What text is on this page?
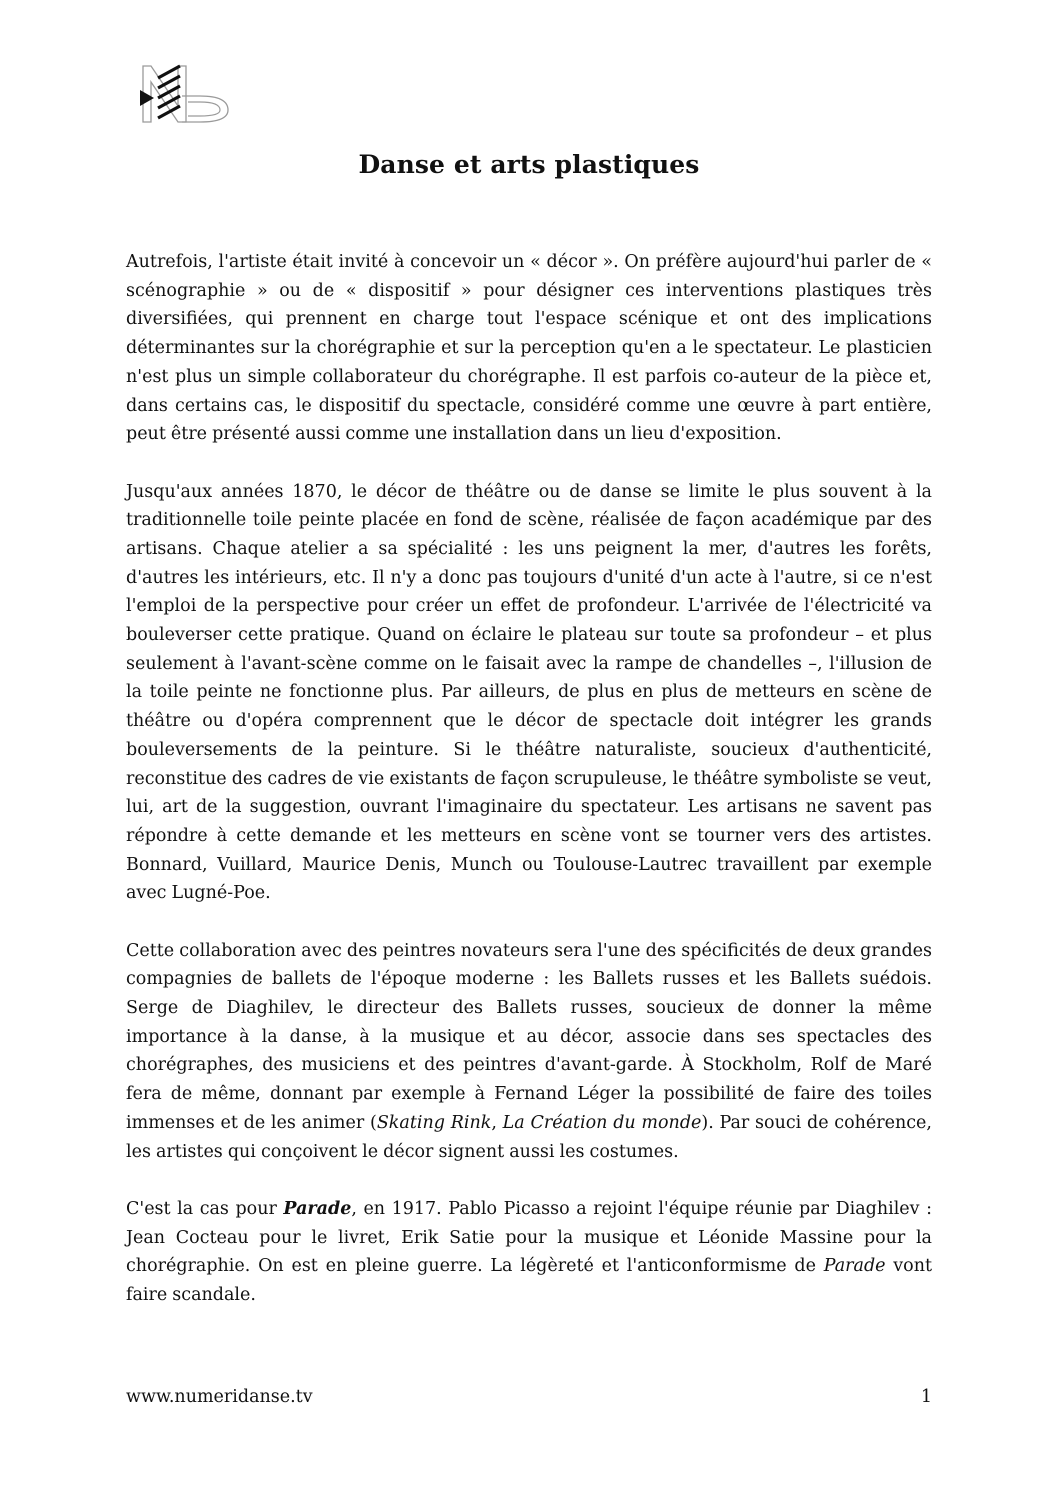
Danse et arts plastiques

Autrefois, l'artiste était invité à concevoir un « décor ». On préfère aujourd'hui parler de « scénographie » ou de « dispositif » pour désigner ces interventions plastiques très diversifiées, qui prennent en charge tout l'espace scénique et ont des implications déterminantes sur la chorégraphie et sur la perception qu'en a le spectateur. Le plasticien n'est plus un simple collaborateur du chorégraphe. Il est parfois co-auteur de la pièce et, dans certains cas, le dispositif du spectacle, considéré comme une œuvre à part entière, peut être présenté aussi comme une installation dans un lieu d'exposition.

Jusqu'aux années 1870, le décor de théâtre ou de danse se limite le plus souvent à la traditionnelle toile peinte placée en fond de scène, réalisée de façon académique par des artisans. Chaque atelier a sa spécialité : les uns peignent la mer, d'autres les forêts, d'autres les intérieurs, etc. Il n'y a donc pas toujours d'unité d'un acte à l'autre, si ce n'est l'emploi de la perspective pour créer un effet de profondeur. L'arrivée de l'électricité va bouleverser cette pratique. Quand on éclaire le plateau sur toute sa profondeur – et plus seulement à l'avant-scène comme on le faisait avec la rampe de chandelles –, l'illusion de la toile peinte ne fonctionne plus. Par ailleurs, de plus en plus de metteurs en scène de théâtre ou d'opéra comprennent que le décor de spectacle doit intégrer les grands bouleversements de la peinture. Si le théâtre naturaliste, soucieux d'authenticité, reconstitue des cadres de vie existants de façon scrupuleuse, le théâtre symboliste se veut, lui, art de la suggestion, ouvrant l'imaginaire du spectateur. Les artisans ne savent pas répondre à cette demande et les metteurs en scène vont se tourner vers des artistes. Bonnard, Vuillard, Maurice Denis, Munch ou Toulouse-Lautrec travaillent par exemple avec Lugné-Poe.

Cette collaboration avec des peintres novateurs sera l'une des spécificités de deux grandes compagnies de ballets de l'époque moderne : les Ballets russes et les Ballets suédois. Serge de Diaghilev, le directeur des Ballets russes, soucieux de donner la même importance à la danse, à la musique et au décor, associe dans ses spectacles des chorégraphes, des musiciens et des peintres d'avant-garde. À Stockholm, Rolf de Maré fera de même, donnant par exemple à Fernand Léger la possibilité de faire des toiles immenses et de les animer (Skating Rink, La Création du monde). Par souci de cohérence, les artistes qui conçoivent le décor signent aussi les costumes.

C'est la cas pour Parade, en 1917. Pablo Picasso a rejoint l'équipe réunie par Diaghilev : Jean Cocteau pour le livret, Erik Satie pour la musique et Léonide Massine pour la chorégraphie. On est en pleine guerre. La légèreté et l'anticonformisme de Parade vont faire scandale.

www.numeridanse.tv	1
